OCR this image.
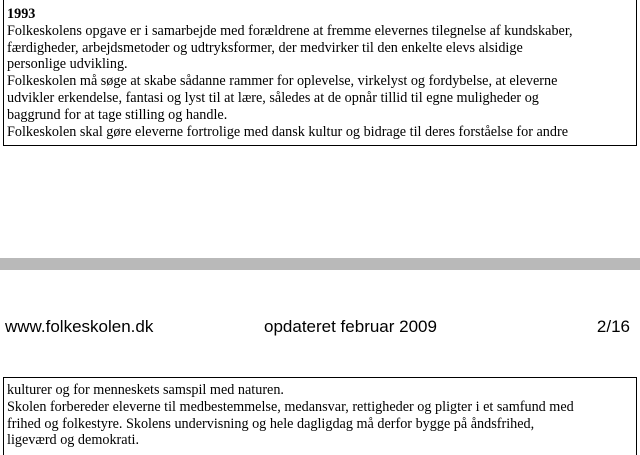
1993
Folkeskolens opgave er i samarbejde med forældrene at fremme elevernes tilegnelse af kundskaber,
færdigheder, arbejdsmetoder og udtryksformer, der medvirker til den enkelte elevs alsidige
personlige udvikling.
Folkeskolen må søge at skabe sådanne rammer for oplevelse, virkelyst og fordybelse, at eleverne
udvikler erkendelse, fantasi og lyst til at lære, således at de opnår tillid til egne muligheder og
baggrund for at tage stilling og handle.
Folkeskolen skal gøre eleverne fortrolige med dansk kultur og bidrage til deres forståelse for andre
www.folkeskolen.dk	opdateret februar 2009	2/16
kulturer og for menneskets samspil med naturen.
Skolen forbereder eleverne til medbestemmelse, medansvar, rettigheder og pligter i et samfund med
frihed og folkestyre. Skolens undervisning og hele dagligdag må derfor bygge på åndsfrihed,
ligeværd og demokrati.
